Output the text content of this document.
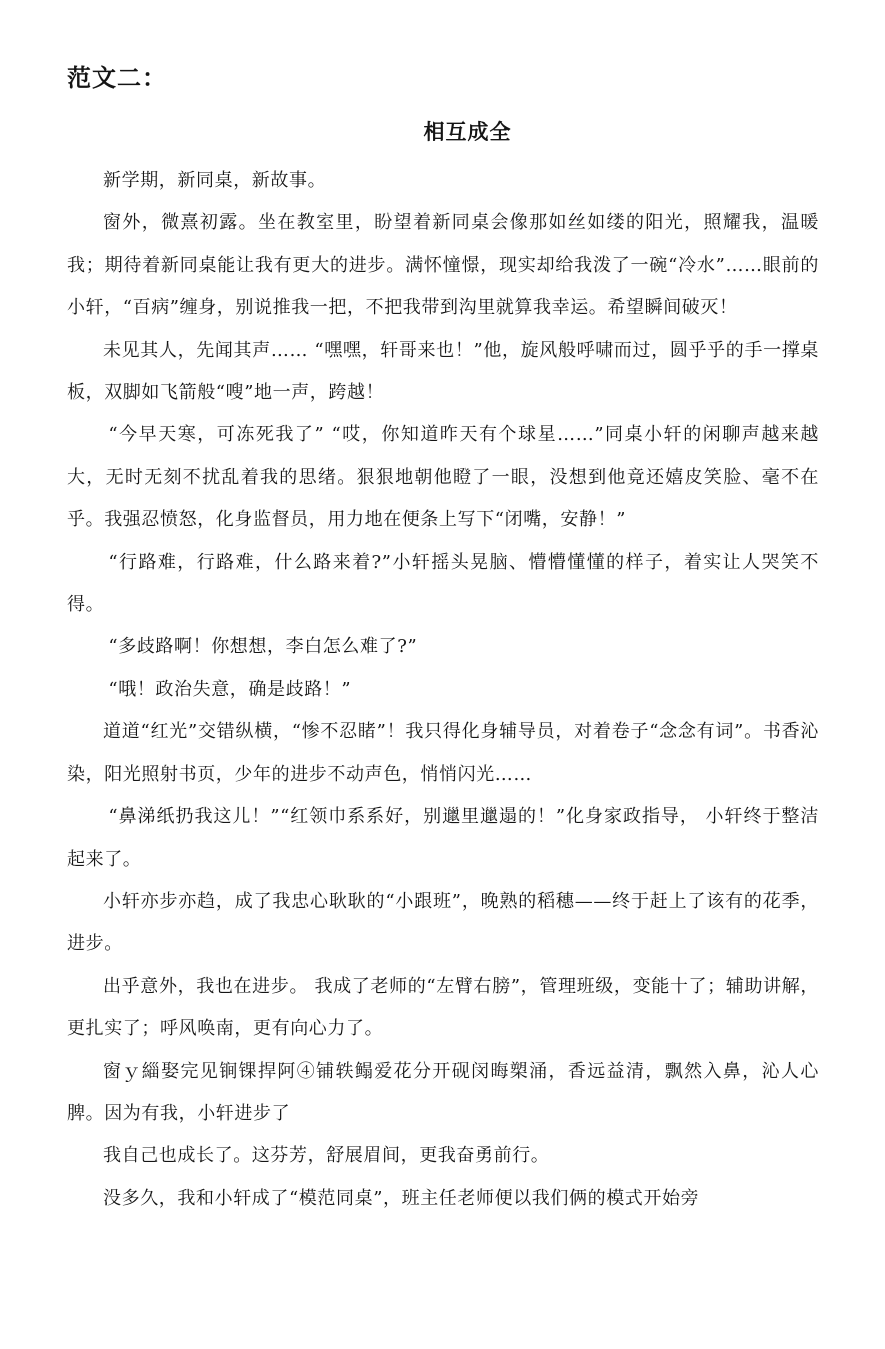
范文二：
相互成全

新学期，新同桌，新故事。

窗外，微熹初露。坐在教室里，盼望着新同桌会像那如丝如缕的阳光，照耀我，温暖我；期待着新同桌能让我有更大的进步。满怀憧憬，现实却给我泼了一碗“冷水”……眼前的小轩，“百病”缠身，别说推我一把，不把我带到沟里就算我幸运。希望瞬间破灭！

未见其人，先闻其声…… “嘿嘿，轩哥来也！”他，旋风般呼啸而过，圆乎乎的手一撑桌板，双脚如飞箭般“嗖”地一声，跨越！

“今早天寒，可冻死我了” “哎，你知道昨天有个球星……”同桌小轩的闲聊声越来越大，无时无刻不扰乱着我的思绪。狠狠地朝他瞪了一眼，没想到他竟还嬉皮笑脸、毫不在乎。我强忍愤怒，化身监督员，用力地在便条上写下“闭嘴，安静！”

“行路难，行路难，什么路来着?”小轩摇头晃脑、懵懵懂懂的样子，着实让人哭笑不得。

“多歧路啊！你想想，李白怎么难了?”

“哦！政治失意，确是歧路！”

道道“红光”交错纵横，“惨不忍睹”！我只得化身辅导员，对着卷子“念念有词”。书香沁染，阳光照射书页，少年的进步不动声色，悄悄闪光……

“鼻涕纸扔我这儿！”“红领巾系系好，别邋里邋遢的！”化身家政指导， 小轩终于整洁起来了。

小轩亦步亦趋，成了我忠心耿耿的“小跟班”，晚熟的稻穗——终于赶上了该有的花季，进步。

出乎意外，我也在进步。 我成了老师的“左臂右膀”，管理班级，变能十了；辅助讲解，更扎实了；呼风唤南，更有向心力了。

窗ｙ緇娶完见锏锞捍阿④铺轶鳎爱花分开砚闵晦槊涌，香远益清，飘然入鼻，沁人心脾。因为有我，小轩进步了

我自己也成长了。这芬芳，舒展眉间，更我奋勇前行。

没多久，我和小轩成了“模范同桌”，班主任老师便以我们俩的模式开始旁
